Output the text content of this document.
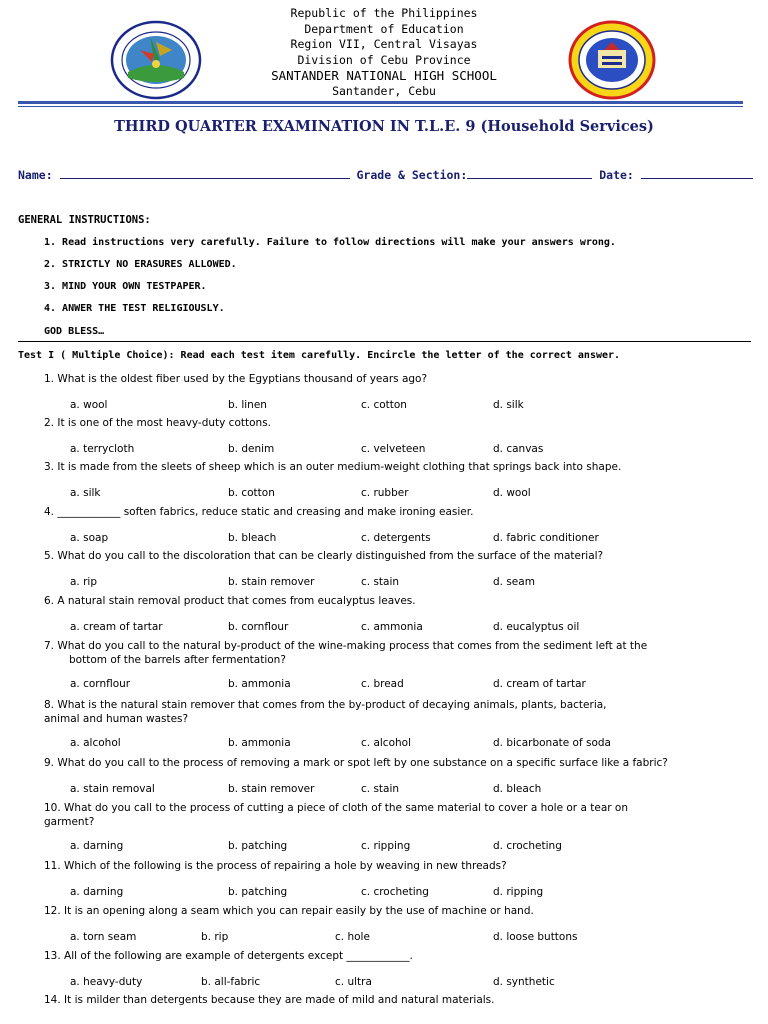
Republic of the Philippines
Department of Education
Region VII, Central Visayas
Division of Cebu Province
SANTANDER NATIONAL HIGH SCHOOL
Santander, Cebu
THIRD QUARTER EXAMINATION IN T.L.E. 9 (Household Services)
Name:	Grade & Section:	Date:
GENERAL INSTRUCTIONS:
1. Read instructions very carefully. Failure to follow directions will make your answers wrong.
2. STRICTLY NO ERASURES ALLOWED.
3. MIND YOUR OWN TESTPAPER.
4. ANWER THE TEST RELIGIOUSLY.
GOD BLESS…
Test I ( Multiple Choice): Read each test item carefully. Encircle the letter of the correct answer.
1. What is the oldest fiber used by the Egyptians thousand of years ago?
a. wool	b. linen	c. cotton	d. silk
2. It is one of the most heavy-duty cottons.
a. terrycloth	b. denim	c. velveteen	d. canvas
3. It is made from the sleets of sheep which is an outer medium-weight clothing that springs back into shape.
a. silk	b. cotton	c. rubber	d. wool
4. ____________ soften fabrics, reduce static and creasing and make ironing easier.
a. soap	b. bleach	c. detergents	d. fabric conditioner
5. What do you call to the discoloration that can be clearly distinguished from the surface of the material?
a. rip	b. stain remover	c. stain	d. seam
6. A natural stain removal product that comes from eucalyptus leaves.
a. cream of tartar	b. cornflour	c. ammonia	d. eucalyptus oil
7. What do you call to the natural by-product of the wine-making process that comes from the sediment left at the
bottom of the barrels after fermentation?
a. cornflour	b. ammonia	c. bread	d. cream of tartar
8. What is the natural stain remover that comes from the by-product of decaying animals, plants, bacteria,
animal and human wastes?
a. alcohol	b. ammonia	c. alcohol	d. bicarbonate of soda
9. What do you call to the process of removing a mark or spot left by one substance on a specific surface like a fabric?
a. stain removal	b. stain remover	c. stain	d. bleach
10. What do you call to the process of cutting a piece of cloth of the same material to cover a hole or a tear on
garment?
a. darning	b. patching	c. ripping	d. crocheting
11. Which of the following is the process of repairing a hole by weaving in new threads?
a. darning	b. patching	c. crocheting	d. ripping
12. It is an opening along a seam which you can repair easily by the use of machine or hand.
a. torn seam	b. rip	c. hole	d. loose buttons
13. All of the following are example of detergents except ____________.
a. heavy-duty	b. all-fabric	c. ultra	d. synthetic
14. It is milder than detergents because they are made of mild and natural materials.
